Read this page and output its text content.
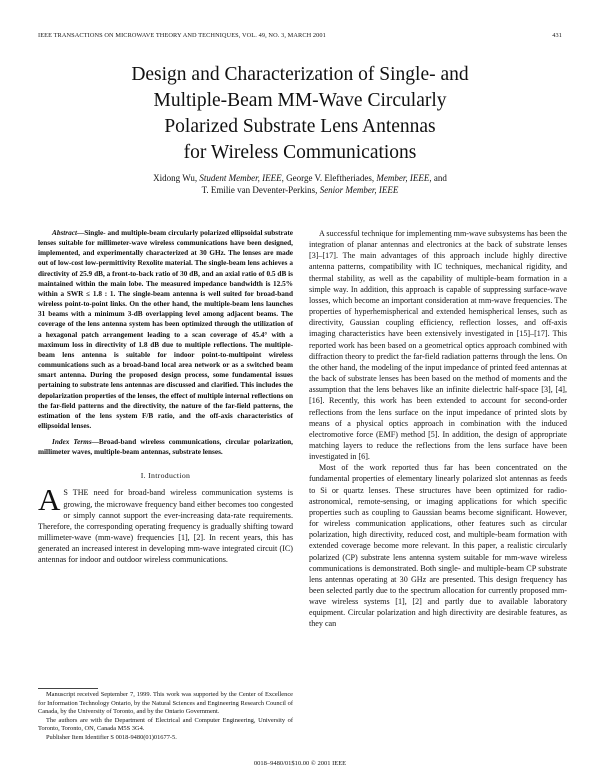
IEEE TRANSACTIONS ON MICROWAVE THEORY AND TECHNIQUES, VOL. 49, NO. 3, MARCH 2001	431
Design and Characterization of Single- and
Multiple-Beam MM-Wave Circularly
Polarized Substrate Lens Antennas
for Wireless Communications
Xidong Wu, Student Member, IEEE, George V. Eleftheriades, Member, IEEE, and
T. Emilie van Deventer-Perkins, Senior Member, IEEE

Abstract—Single- and multiple-beam circularly polarized ellipsoidal substrate lenses suitable for millimeter-wave wireless communications have been designed, implemented, and experimentally characterized at 30 GHz. The lenses are made out of low-cost low-permittivity Rexolite material. The single-beam lens achieves a directivity of 25.9 dB, a front-to-back ratio of 30 dB, and an axial ratio of 0.5 dB is maintained within the main lobe. The measured impedance bandwidth is 12.5% within a SWR ≤ 1.8 : 1. The single-beam antenna is well suited for broad-band wireless point-to-point links. On the other hand, the multiple-beam lens launches 31 beams with a minimum 3-dB overlapping level among adjacent beams. The coverage of the lens antenna system has been optimized through the utilization of a hexagonal patch arrangement leading to a scan coverage of 45.4° with a maximum loss in directivity of 1.8 dB due to multiple reflections. The multiple-beam lens antenna is suitable for indoor point-to-multipoint wireless communications such as a broad-band local area network or as a switched beam smart antenna. During the proposed design process, some fundamental issues pertaining to substrate lens antennas are discussed and clarified. This includes the depolarization properties of the lenses, the effect of multiple internal reflections on the far-field patterns and the directivity, the nature of the far-field patterns, the estimation of the lens system F/B ratio, and the off-axis characteristics of ellipsoidal lenses.

Index Terms—Broad-band wireless communications, circular polarization, millimeter waves, multiple-beam antennas, substrate lenses.

I. Introduction

A S THE need for broad-band wireless communication systems is growing, the microwave frequency band either becomes too congested or simply cannot support the ever-increasing data-rate requirements. Therefore, the corresponding operating frequency is gradually shifting toward millimeter-wave (mm-wave) frequencies [1], [2]. In recent years, this has generated an increased interest in developing mm-wave integrated circuit (IC) antennas for indoor and outdoor wireless communications.

A successful technique for implementing mm-wave subsystems has been the integration of planar antennas and electronics at the back of substrate lenses [3]–[17]. The main advantages of this approach include highly directive antenna patterns, compatibility with IC techniques, mechanical rigidity, and thermal stability, as well as the capability of multiple-beam formation in a simple way. In addition, this approach is capable of suppressing surface-wave losses, which become an important consideration at mm-wave frequencies. The properties of hyperhemispherical and extended hemispherical lenses, such as directivity, Gaussian coupling efficiency, reflection losses, and off-axis imaging characteristics have been extensively investigated in [15]–[17]. This reported work has been based on a geometrical optics approach combined with diffraction theory to predict the far-field radiation patterns through the lens. On the other hand, the modeling of the input impedance of printed feed antennas at the back of substrate lenses has been based on the method of moments and the assumption that the lens behaves like an infinite dielectric half-space [3], [4], [16]. Recently, this work has been extended to account for second-order reflections from the lens surface on the input impedance of printed slots by means of a physical optics approach in combination with the induced electromotive force (EMF) method [5]. In addition, the design of appropriate matching layers to reduce the reflections from the lens surface have been investigated in [6].

Most of the work reported thus far has been concentrated on the fundamental properties of elementary linearly polarized slot antennas as feeds to Si or quartz lenses. These structures have been optimized for radio-astronomical, remote-sensing, or imaging applications for which specific properties such as coupling to Gaussian beams become significant. However, for wireless communication applications, other features such as circular polarization, high directivity, reduced cost, and multiple-beam formation with extended coverage become more relevant. In this paper, a realistic circularly polarized (CP) substrate lens antenna system suitable for mm-wave wireless communications is demonstrated. Both single- and multiple-beam CP substrate lens antennas operating at 30 GHz are presented. This design frequency has been selected partly due to the spectrum allocation for currently proposed mm-wave wireless systems [1], [2] and partly due to available laboratory equipment. Circular polarization and high directivity are desirable features, as they can

Manuscript received September 7, 1999. This work was supported by the Center of Excellence for Information Technology Ontario, by the Natural Sciences and Engineering Research Council of Canada, by the University of Toronto, and by the Ontario Government.

The authors are with the Department of Electrical and Computer Engineering, University of Toronto, Toronto, ON, Canada M5S 3G4.

Publisher Item Identifier S 0018-9480(01)01677-5.

0018–9480/01$10.00 © 2001 IEEE
